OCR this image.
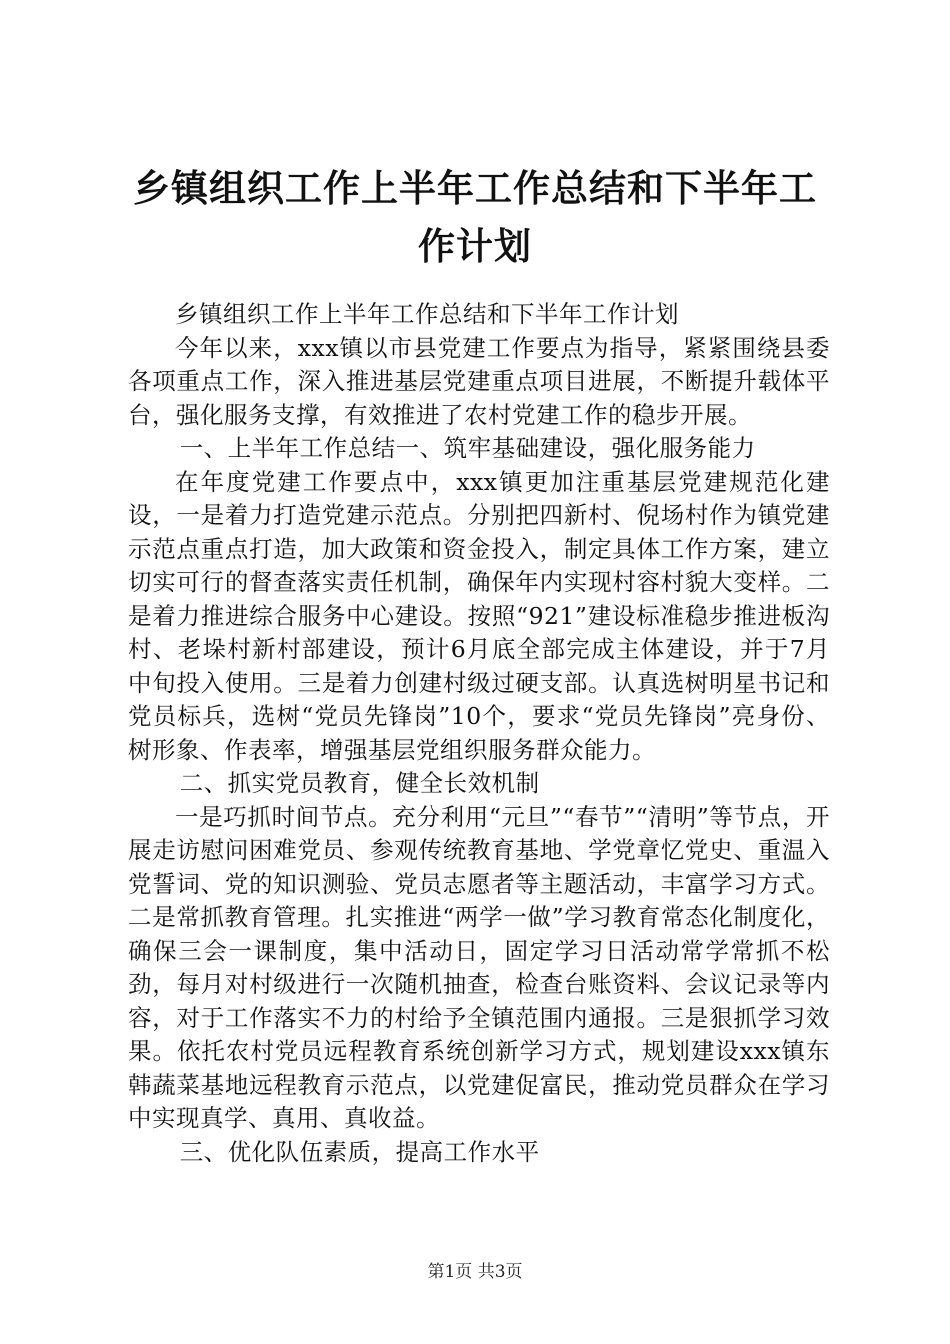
乡镇组织工作上半年工作总结和下半年工作计划

乡镇组织工作上半年工作总结和下半年工作计划

今年以来，xxx镇以市县党建工作要点为指导，紧紧围绕县委各项重点工作，深入推进基层党建重点项目进展，不断提升载体平台，强化服务支撑，有效推进了农村党建工作的稳步开展。

一、上半年工作总结一、筑牢基础建设，强化服务能力

在年度党建工作要点中，xxx镇更加注重基层党建规范化建设，一是着力打造党建示范点。分别把四新村、倪场村作为镇党建示范点重点打造，加大政策和资金投入，制定具体工作方案，建立切实可行的督查落实责任机制，确保年内实现村容村貌大变样。二是着力推进综合服务中心建设。按照“921”建设标准稳步推进板沟村、老垛村新村部建设，预计6月底全部完成主体建设，并于7月中旬投入使用。三是着力创建村级过硬支部。认真选树明星书记和党员标兵，选树“党员先锋岗”10个，要求“党员先锋岗”亮身份、树形象、作表率，增强基层党组织服务群众能力。

二、抓实党员教育，健全长效机制

一是巧抓时间节点。充分利用“元旦”“春节”“清明”等节点，开展走访慰问困难党员、参观传统教育基地、学党章忆党史、重温入党誓词、党的知识测验、党员志愿者等主题活动，丰富学习方式。二是常抓教育管理。扎实推进“两学一做”学习教育常态化制度化，确保三会一课制度，集中活动日，固定学习日活动常学常抓不松劲，每月对村级进行一次随机抽查，检查台账资料、会议记录等内容，对于工作落实不力的村给予全镇范围内通报。三是狠抓学习效果。依托农村党员远程教育系统创新学习方式，规划建设xxx镇东韩蔬菜基地远程教育示范点，以党建促富民，推动党员群众在学习中实现真学、真用、真收益。

三、优化队伍素质，提高工作水平

第1页 共3页
